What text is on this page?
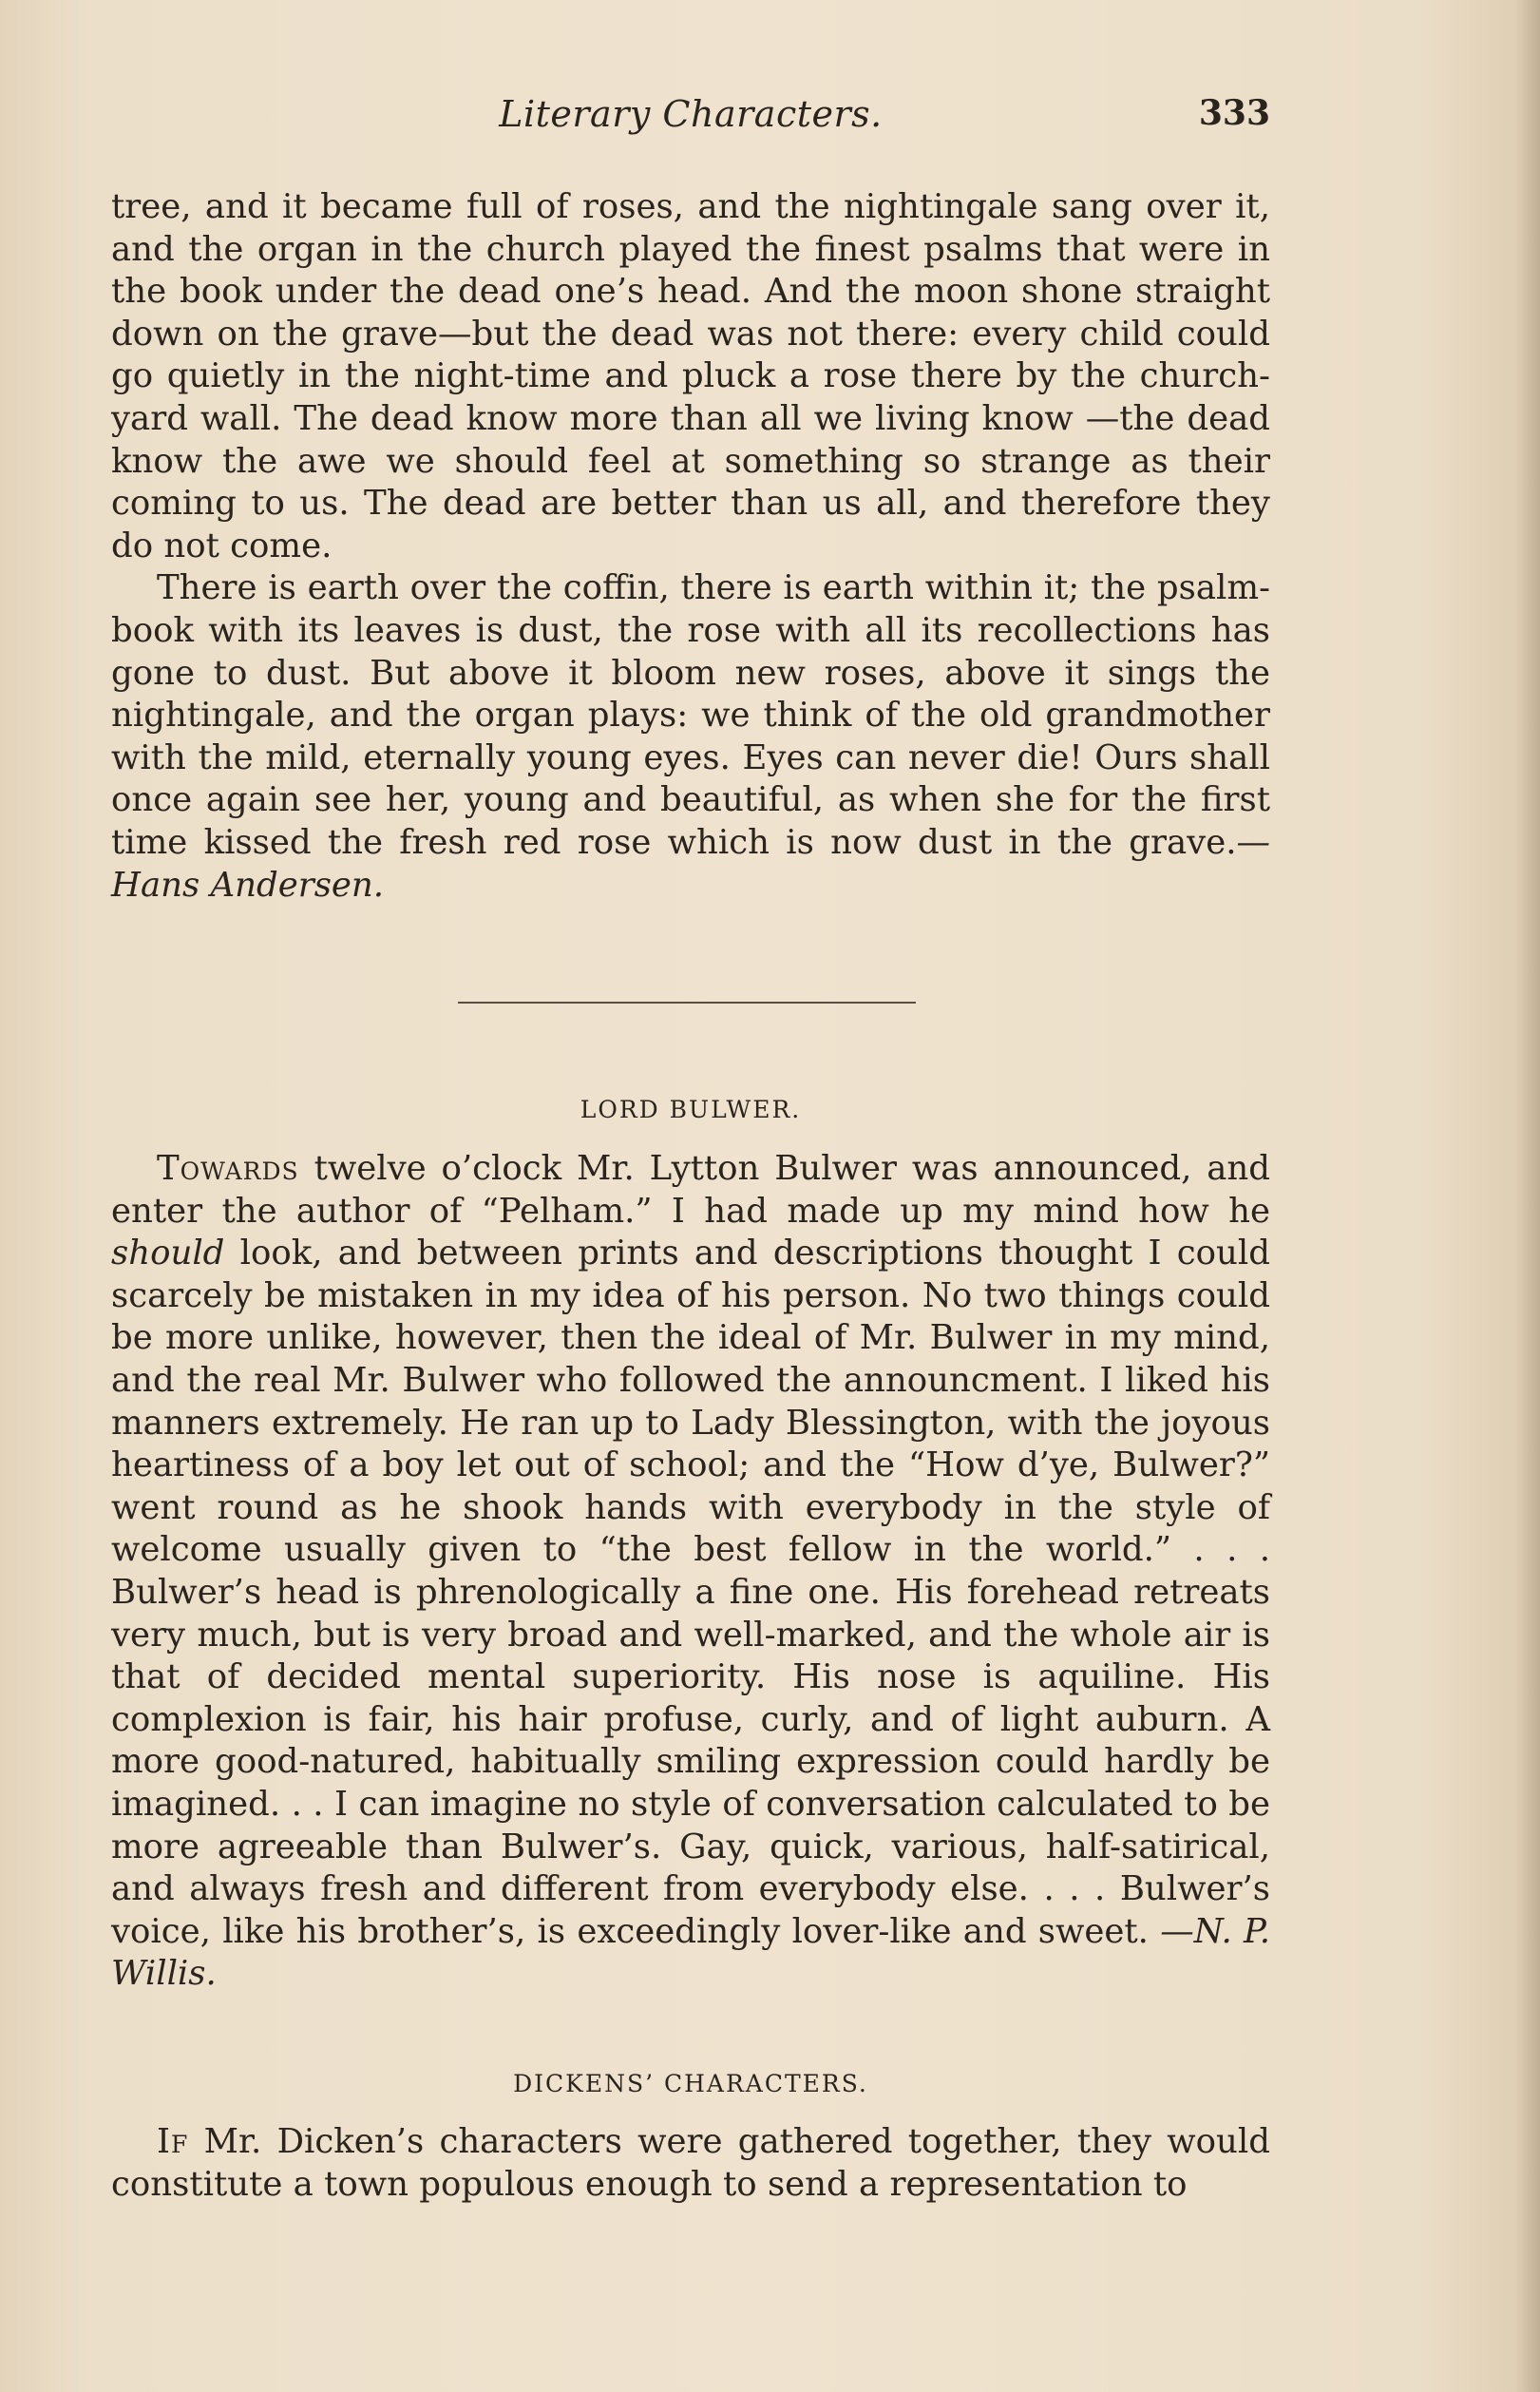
Literary Characters.	333

tree, and it became full of roses, and the nightingale sang over it, and the organ in the church played the finest psalms that were in the book under the dead one’s head. And the moon shone straight down on the grave—but the dead was not there: every child could go quietly in the night-time and pluck a rose there by the church-yard wall. The dead know more than all we living know —the dead know the awe we should feel at something so strange as their coming to us. The dead are better than us all, and therefore they do not come.

There is earth over the coffin, there is earth within it; the psalm-book with its leaves is dust, the rose with all its recollections has gone to dust. But above it bloom new roses, above it sings the nightingale, and the organ plays: we think of the old grandmother with the mild, eternally young eyes. Eyes can never die! Ours shall once again see her, young and beautiful, as when she for the first time kissed the fresh red rose which is now dust in the grave.—Hans Andersen.

LORD BULWER.

Towards twelve o’clock Mr. Lytton Bulwer was announced, and enter the author of “Pelham.” I had made up my mind how he should look, and between prints and descriptions thought I could scarcely be mistaken in my idea of his person. No two things could be more unlike, however, then the ideal of Mr. Bulwer in my mind, and the real Mr. Bulwer who followed the announcment. I liked his manners extremely. He ran up to Lady Blessington, with the joyous heartiness of a boy let out of school; and the “How d’ye, Bulwer?” went round as he shook hands with everybody in the style of welcome usually given to “the best fellow in the world.” . . . Bulwer’s head is phrenologically a fine one. His forehead retreats very much, but is very broad and well-marked, and the whole air is that of decided mental superiority. His nose is aquiline. His complexion is fair, his hair profuse, curly, and of light auburn. A more good-natured, habitually smiling expression could hardly be imagined. . . I can imagine no style of conversation calculated to be more agreeable than Bulwer’s. Gay, quick, various, half-satirical, and always fresh and different from everybody else. . . . Bulwer’s voice, like his brother’s, is exceedingly lover-like and sweet. —N. P. Willis.

DICKENS’ CHARACTERS.

If Mr. Dicken’s characters were gathered together, they would constitute a town populous enough to send a representation to
